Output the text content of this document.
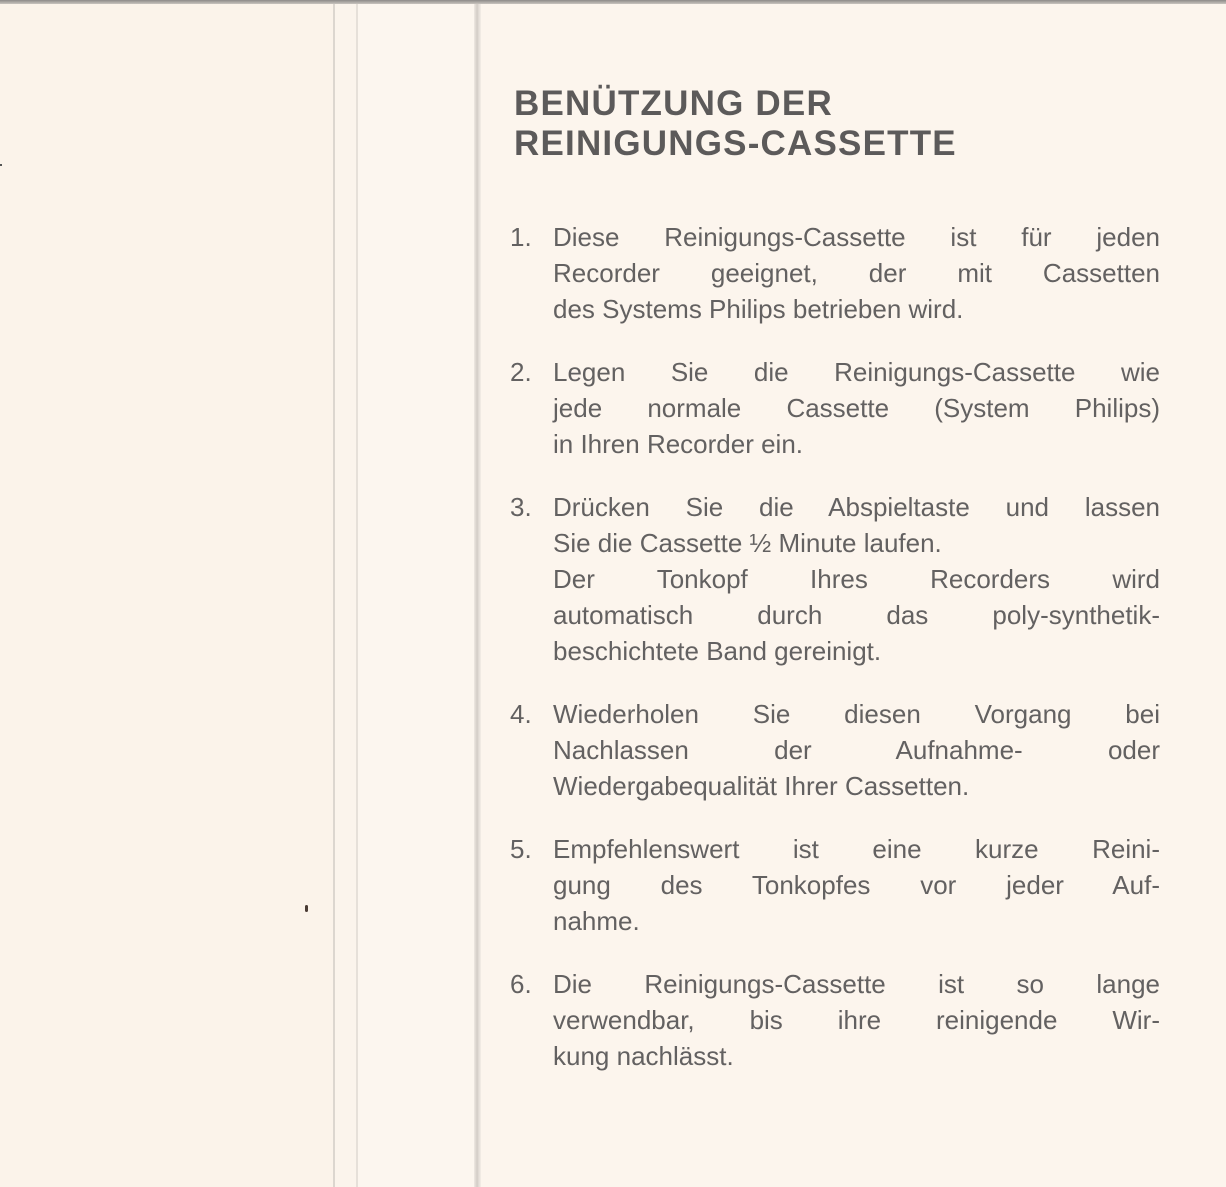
BENÜTZUNG DER
REINIGUNGS-CASSETTE
1. Diese Reinigungs-Cassette ist für jeden
Recorder geeignet, der mit Cassetten
des Systems Philips betrieben wird.
2. Legen Sie die Reinigungs-Cassette wie
jede normale Cassette (System Philips)
in Ihren Recorder ein.
3. Drücken Sie die Abspieltaste und lassen
Sie die Cassette ½ Minute laufen.
Der Tonkopf Ihres Recorders wird
automatisch durch das poly-synthetik-
beschichtete Band gereinigt.
4. Wiederholen Sie diesen Vorgang bei
Nachlassen der Aufnahme- oder
Wiedergabequalität Ihrer Cassetten.
5. Empfehlenswert ist eine kurze Reini-
gung des Tonkopfes vor jeder Auf-
nahme.
6. Die Reinigungs-Cassette ist so lange
verwendbar, bis ihre reinigende Wir-
kung nachlässt.
